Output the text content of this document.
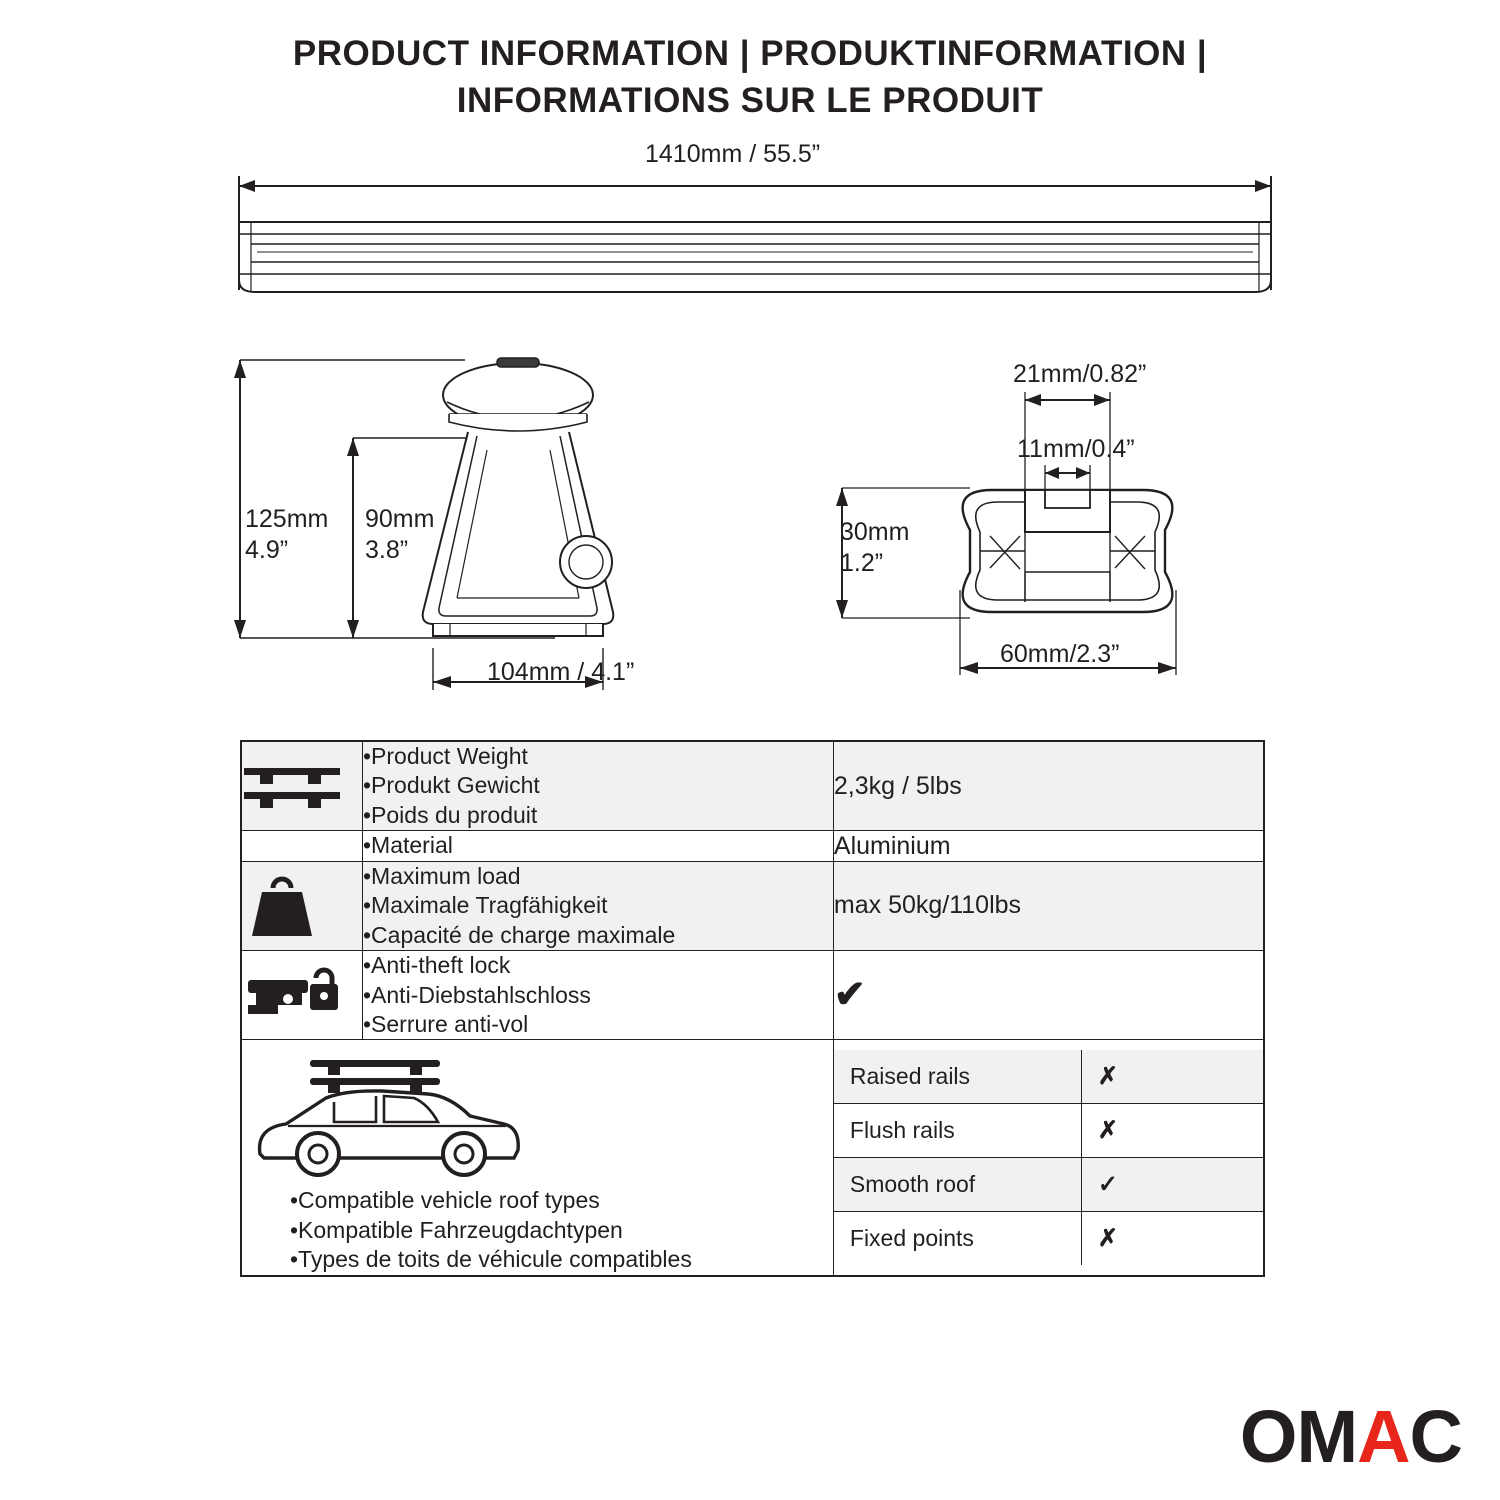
PRODUCT INFORMATION | PRODUKTINFORMATION |
INFORMATIONS SUR LE PRODUIT
1410mm / 55.5”
125mm
4.9”
90mm
3.8”
104mm / 4.1”
21mm/0.82”
11mm/0.4”
30mm
1.2”
60mm/2.3”

•Product Weight
•Produkt Gewicht
•Poids du produit
	2,3kg / 5lbs

•Material	Aluminium

•Maximum load
•Maximale Tragfähigkeit
•Capacité de charge maximale
	max 50kg/110lbs

•Anti-theft lock
•Anti-Diebstahlschloss
•Serrure anti-vol
	✔

•Compatible vehicle roof types
•Kompatible Fahrzeugdachtypen
•Types de toits de véhicule compatibles

Raised rails	✗
Flush rails	✗
Smooth roof	✓
Fixed points	✗
OMAC
